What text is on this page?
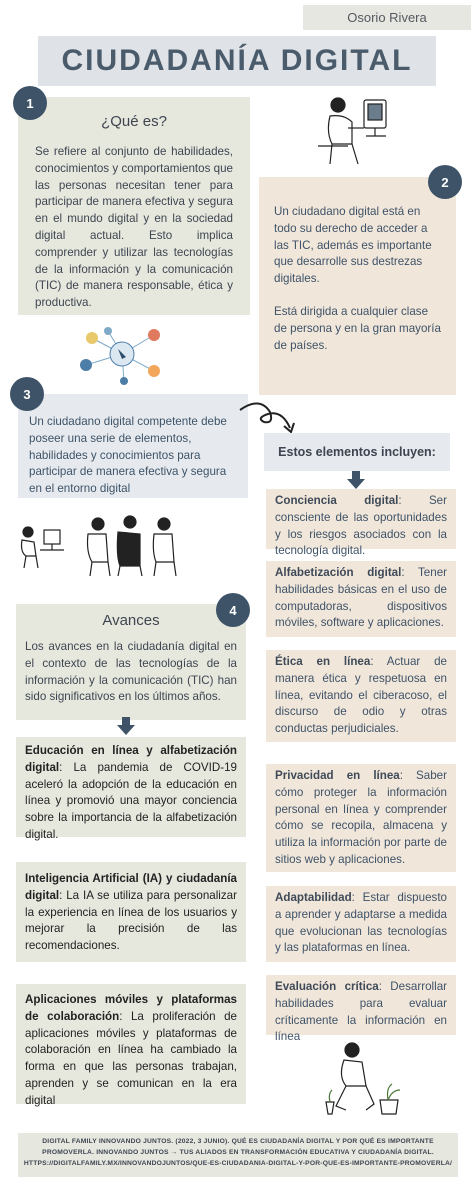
Osorio Rivera
CIUDADANÍA DIGITAL
¿Qué es?
Se refiere al conjunto de habilidades, conocimientos y comportamientos que las personas necesitan tener para participar de manera efectiva y segura en el mundo digital y en la sociedad digital actual. Esto implica comprender y utilizar las tecnologías de la información y la comunicación (TIC) de manera responsable, ética y productiva.
1
Un ciudadano digital está en todo su derecho de acceder a las TIC, además es importante que desarrolle sus destrezas digitales.
Está dirigida a cualquier clase de persona y en la gran mayoría de países.
2
Un ciudadano digital competente debe poseer una serie de elementos, habilidades y conocimientos para participar de manera efectiva y segura en el entorno digital
3
Estos elementos incluyen:
Conciencia digital: Ser consciente de las oportunidades y los riesgos asociados con la tecnología digital.
Alfabetización digital: Tener habilidades básicas en el uso de computadoras, dispositivos móviles, software y aplicaciones.
Ética en línea: Actuar de manera ética y respetuosa en línea, evitando el ciberacoso, el discurso de odio y otras conductas perjudiciales.
Privacidad en línea: Saber cómo proteger la información personal en línea y comprender cómo se recopila, almacena y utiliza la información por parte de sitios web y aplicaciones.
Adaptabilidad: Estar dispuesto a aprender y adaptarse a medida que evolucionan las tecnologías y las plataformas en línea.
Evaluación crítica: Desarrollar habilidades para evaluar críticamente la información en línea
Avances
Los avances en la ciudadanía digital en el contexto de las tecnologías de la información y la comunicación (TIC) han sido significativos en los últimos años.
4
Educación en línea y alfabetización digital: La pandemia de COVID-19 aceleró la adopción de la educación en línea y promovió una mayor conciencia sobre la importancia de la alfabetización digital.
Inteligencia Artificial (IA) y ciudadanía digital: La IA se utiliza para personalizar la experiencia en línea de los usuarios y mejorar la precisión de las recomendaciones.
Aplicaciones móviles y plataformas de colaboración: La proliferación de aplicaciones móviles y plataformas de colaboración en línea ha cambiado la forma en que las personas trabajan, aprenden y se comunican en la era digital
DIGITAL FAMILY INNOVANDO JUNTOS. (2022, 3 JUNIO). QUÉ ES CIUDADANÍA DIGITAL Y POR QUÉ ES IMPORTANTE PROMOVERLA. INNOVANDO JUNTOS → TUS ALIADOS EN TRANSFORMACIÓN EDUCATIVA Y CIUDADANÍA DIGITAL. HTTPS://DIGITALFAMILY.MX/INNOVANDOJUNTOS/QUE-ES-CIUDADANIA-DIGITAL-Y-POR-QUE-ES-IMPORTANTE-PROMOVERLA/
